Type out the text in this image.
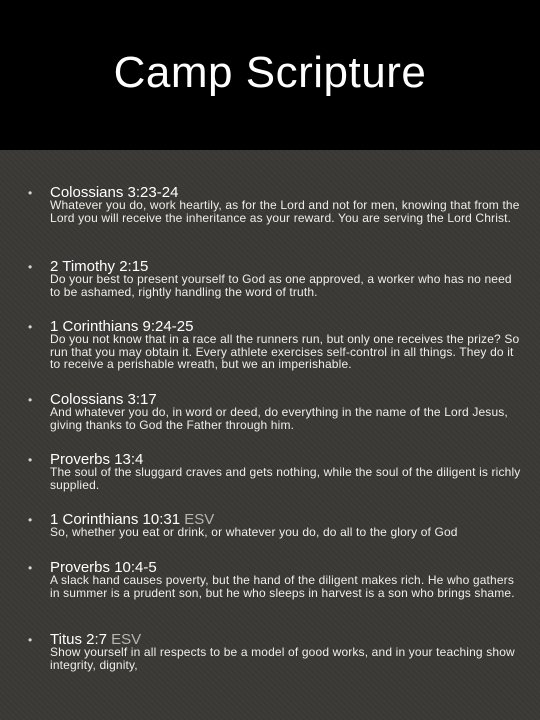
Camp Scripture
• Colossians 3:23-24

Whatever you do, work heartily, as for the Lord and not for men, knowing that from the Lord you will receive the inheritance as your reward. You are serving the Lord Christ.

• 2 Timothy 2:15

Do your best to present yourself to God as one approved, a worker who has no need to be ashamed, rightly handling the word of truth.

• 1 Corinthians 9:24-25

Do you not know that in a race all the runners run, but only one receives the prize? So run that you may obtain it. Every athlete exercises self-control in all things. They do it to receive a perishable wreath, but we an imperishable.

• Colossians 3:17

And whatever you do, in word or deed, do everything in the name of the Lord Jesus, giving thanks to God the Father through him.

• Proverbs 13:4

The soul of the sluggard craves and gets nothing, while the soul of the diligent is richly supplied.

• 1 Corinthians 10:31 ESV

So, whether you eat or drink, or whatever you do, do all to the glory of God

• Proverbs 10:4-5

A slack hand causes poverty, but the hand of the diligent makes rich. He who gathers in summer is a prudent son, but he who sleeps in harvest is a son who brings shame.

• Titus 2:7 ESV

Show yourself in all respects to be a model of good works, and in your teaching show integrity, dignity,
